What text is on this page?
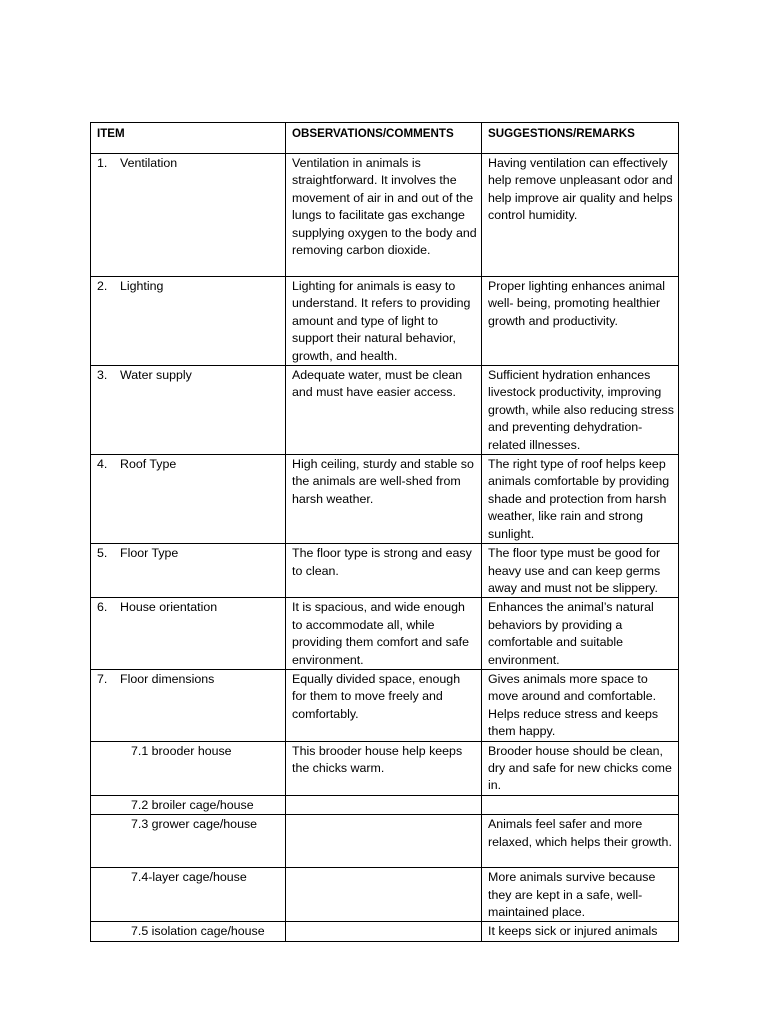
ITEM	OBSERVATIONS/COMMENTS	SUGGESTIONS/REMARKS
1. Ventilation	Ventilation in animals is straightforward. It involves the movement of air in and out of the lungs to facilitate gas exchange supplying oxygen to the body and removing carbon dioxide.	Having ventilation can effectively help remove unpleasant odor and help improve air quality and helps control humidity.
2. Lighting	Lighting for animals is easy to understand. It refers to providing amount and type of light to support their natural behavior, growth, and health.	Proper lighting enhances animal well- being, promoting healthier growth and productivity.
3. Water supply	Adequate water, must be clean and must have easier access.	Sufficient hydration enhances livestock productivity, improving growth, while also reducing stress and preventing dehydration-related illnesses.
4. Roof Type	High ceiling, sturdy and stable so the animals are well-shed from harsh weather.	The right type of roof helps keep animals comfortable by providing shade and protection from harsh weather, like rain and strong sunlight.
5. Floor Type	The floor type is strong and easy to clean.	The floor type must be good for heavy use and can keep germs away and must not be slippery.
6. House orientation	It is spacious, and wide enough to accommodate all, while providing them comfort and safe environment.	Enhances the animal’s natural behaviors by providing a comfortable and suitable environment.
7. Floor dimensions	Equally divided space, enough for them to move freely and comfortably.	Gives animals more space to move around and comfortable. Helps reduce stress and keeps them happy.
7.1 brooder house	This brooder house help keeps the chicks warm.	Brooder house should be clean, dry and safe for new chicks come in.
7.2 broiler cage/house		
7.3 grower cage/house		Animals feel safer and more relaxed, which helps their growth.
7.4-layer cage/house		More animals survive because they are kept in a safe, well-maintained place.
7.5 isolation cage/house		It keeps sick or injured animals
